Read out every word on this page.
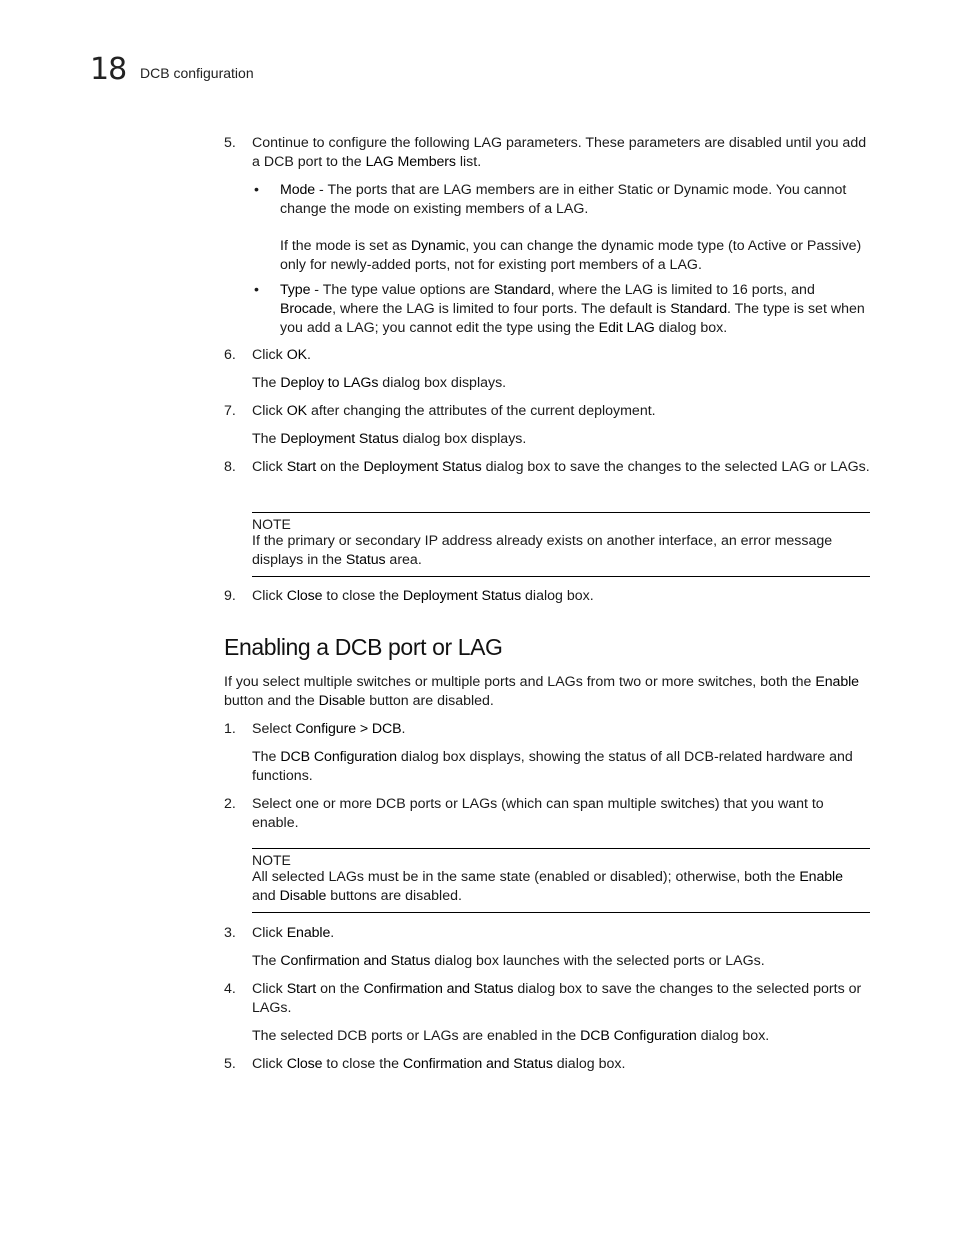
18 DCB configuration
5. Continue to configure the following LAG parameters. These parameters are disabled until you add a DCB port to the LAG Members list.
• Mode - The ports that are LAG members are in either Static or Dynamic mode. You cannot change the mode on existing members of a LAG.
If the mode is set as Dynamic, you can change the dynamic mode type (to Active or Passive) only for newly-added ports, not for existing port members of a LAG.
• Type - The type value options are Standard, where the LAG is limited to 16 ports, and Brocade, where the LAG is limited to four ports. The default is Standard. The type is set when you add a LAG; you cannot edit the type using the Edit LAG dialog box.
6. Click OK.
The Deploy to LAGs dialog box displays.
7. Click OK after changing the attributes of the current deployment.
The Deployment Status dialog box displays.
8. Click Start on the Deployment Status dialog box to save the changes to the selected LAG or LAGs.
NOTE
If the primary or secondary IP address already exists on another interface, an error message displays in the Status area.
9. Click Close to close the Deployment Status dialog box.
Enabling a DCB port or LAG
If you select multiple switches or multiple ports and LAGs from two or more switches, both the Enable button and the Disable button are disabled.
1. Select Configure > DCB.
The DCB Configuration dialog box displays, showing the status of all DCB-related hardware and functions.
2. Select one or more DCB ports or LAGs (which can span multiple switches) that you want to enable.
NOTE
All selected LAGs must be in the same state (enabled or disabled); otherwise, both the Enable and Disable buttons are disabled.
3. Click Enable.
The Confirmation and Status dialog box launches with the selected ports or LAGs.
4. Click Start on the Confirmation and Status dialog box to save the changes to the selected ports or LAGs.
The selected DCB ports or LAGs are enabled in the DCB Configuration dialog box.
5. Click Close to close the Confirmation and Status dialog box.
